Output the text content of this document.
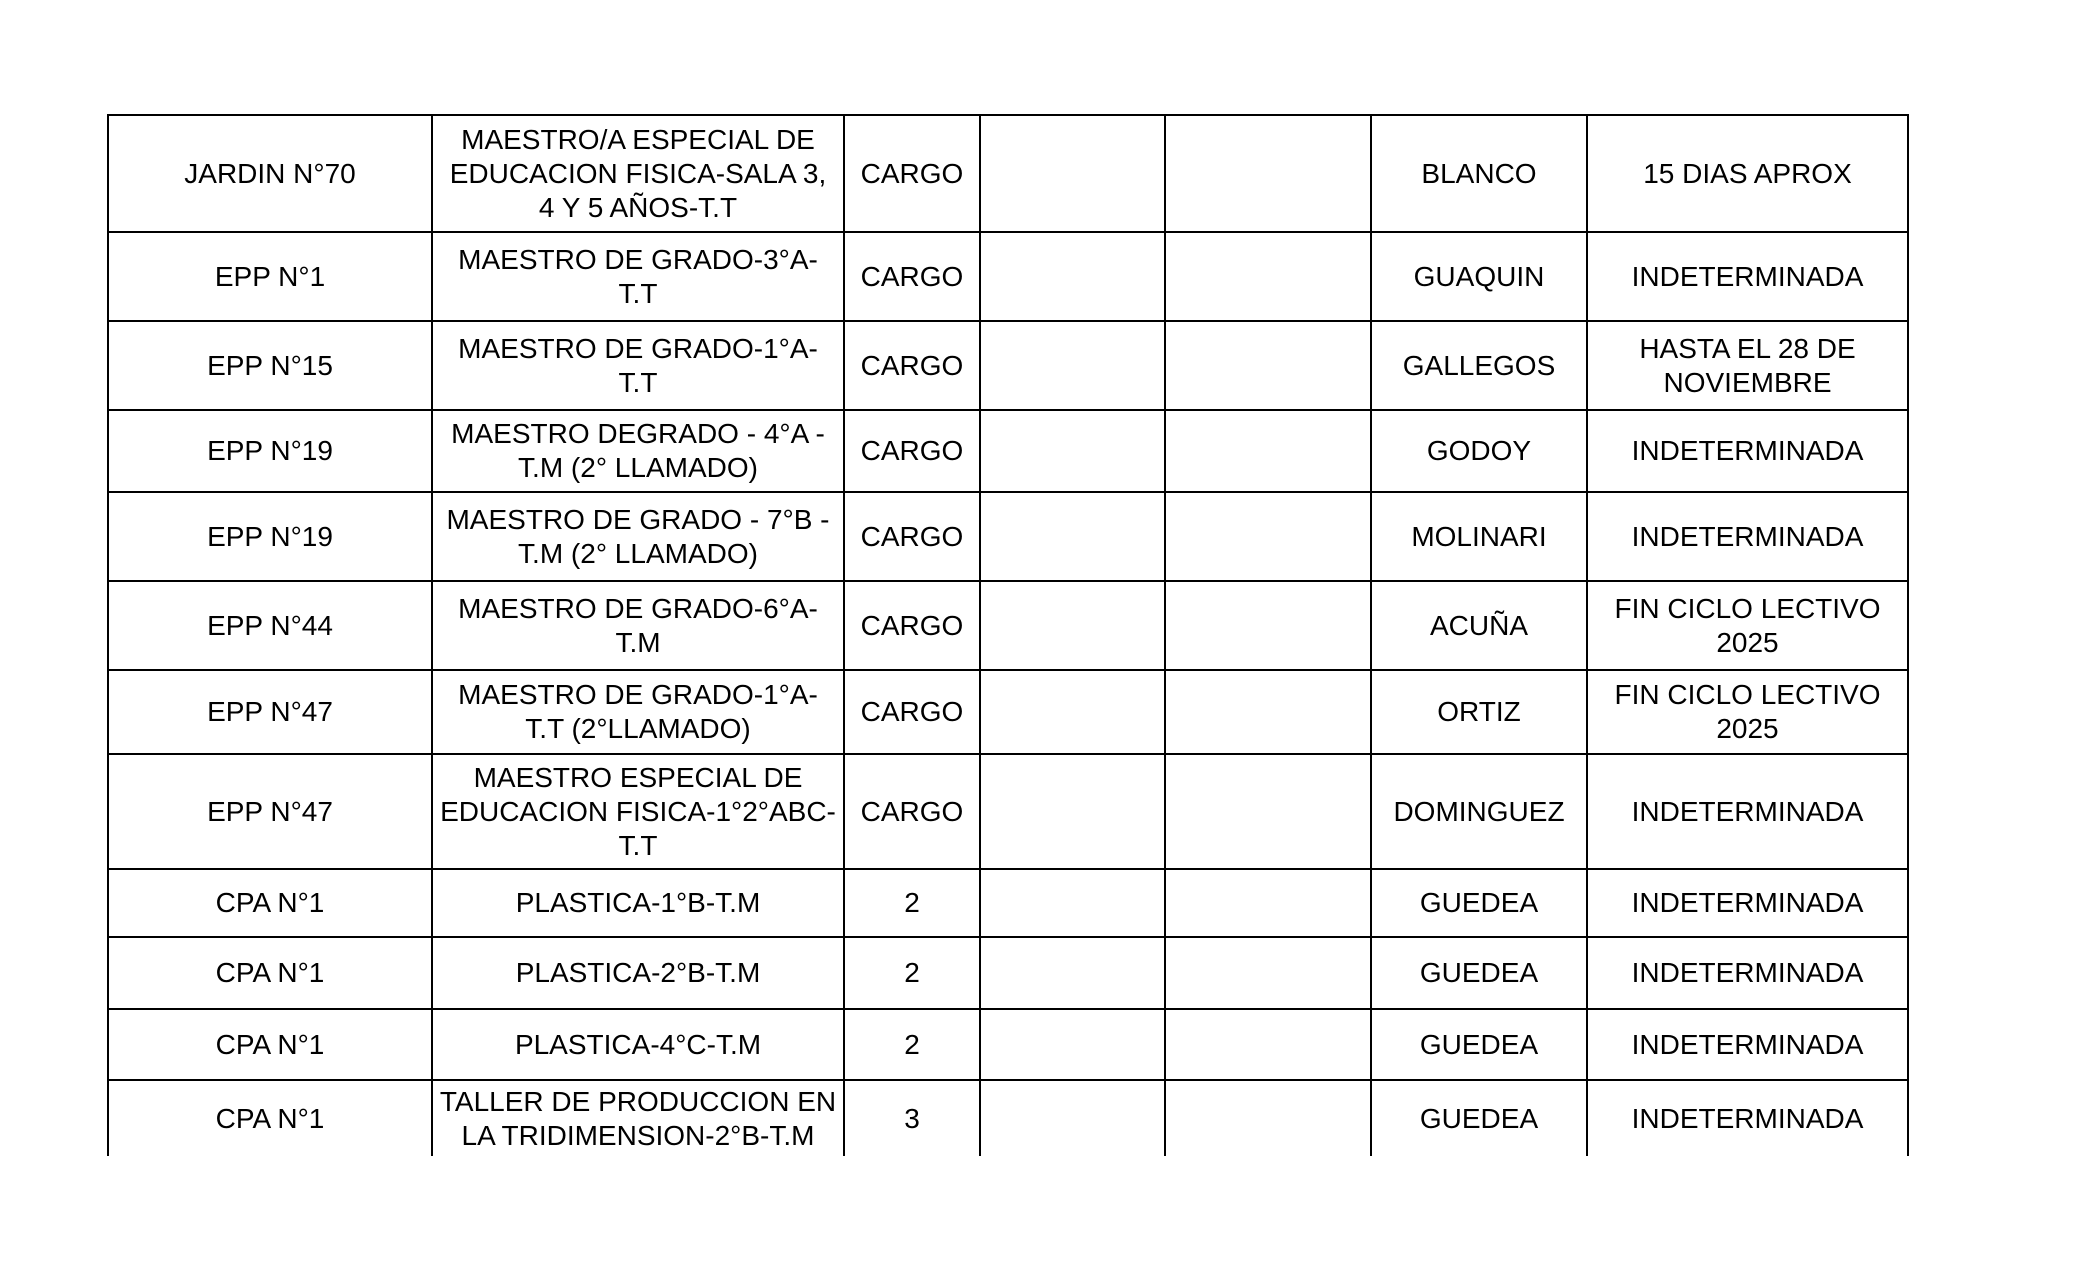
JARDIN N°70	MAESTRO/A ESPECIAL DE EDUCACION FISICA-SALA 3, 4 Y 5 AÑOS-T.T	CARGO			BLANCO	15 DIAS APROX
EPP N°1	MAESTRO DE GRADO-3°A-T.T	CARGO			GUAQUIN	INDETERMINADA
EPP N°15	MAESTRO DE GRADO-1°A-T.T	CARGO			GALLEGOS	HASTA EL 28 DE NOVIEMBRE
EPP N°19	MAESTRO DEGRADO - 4°A - T.M (2° LLAMADO)	CARGO			GODOY	INDETERMINADA
EPP N°19	MAESTRO DE GRADO - 7°B - T.M (2° LLAMADO)	CARGO			MOLINARI	INDETERMINADA
EPP N°44	MAESTRO DE GRADO-6°A-T.M	CARGO			ACUÑA	FIN CICLO LECTIVO 2025
EPP N°47	MAESTRO DE GRADO-1°A-T.T (2°LLAMADO)	CARGO			ORTIZ	FIN CICLO LECTIVO 2025
EPP N°47	MAESTRO ESPECIAL DE EDUCACION FISICA-1°2°ABC-T.T	CARGO			DOMINGUEZ	INDETERMINADA
CPA N°1	PLASTICA-1°B-T.M	2			GUEDEA	INDETERMINADA
CPA N°1	PLASTICA-2°B-T.M	2			GUEDEA	INDETERMINADA
CPA N°1	PLASTICA-4°C-T.M	2			GUEDEA	INDETERMINADA
CPA N°1	TALLER DE PRODUCCION EN LA TRIDIMENSION-2°B-T.M	3			GUEDEA	INDETERMINADA
